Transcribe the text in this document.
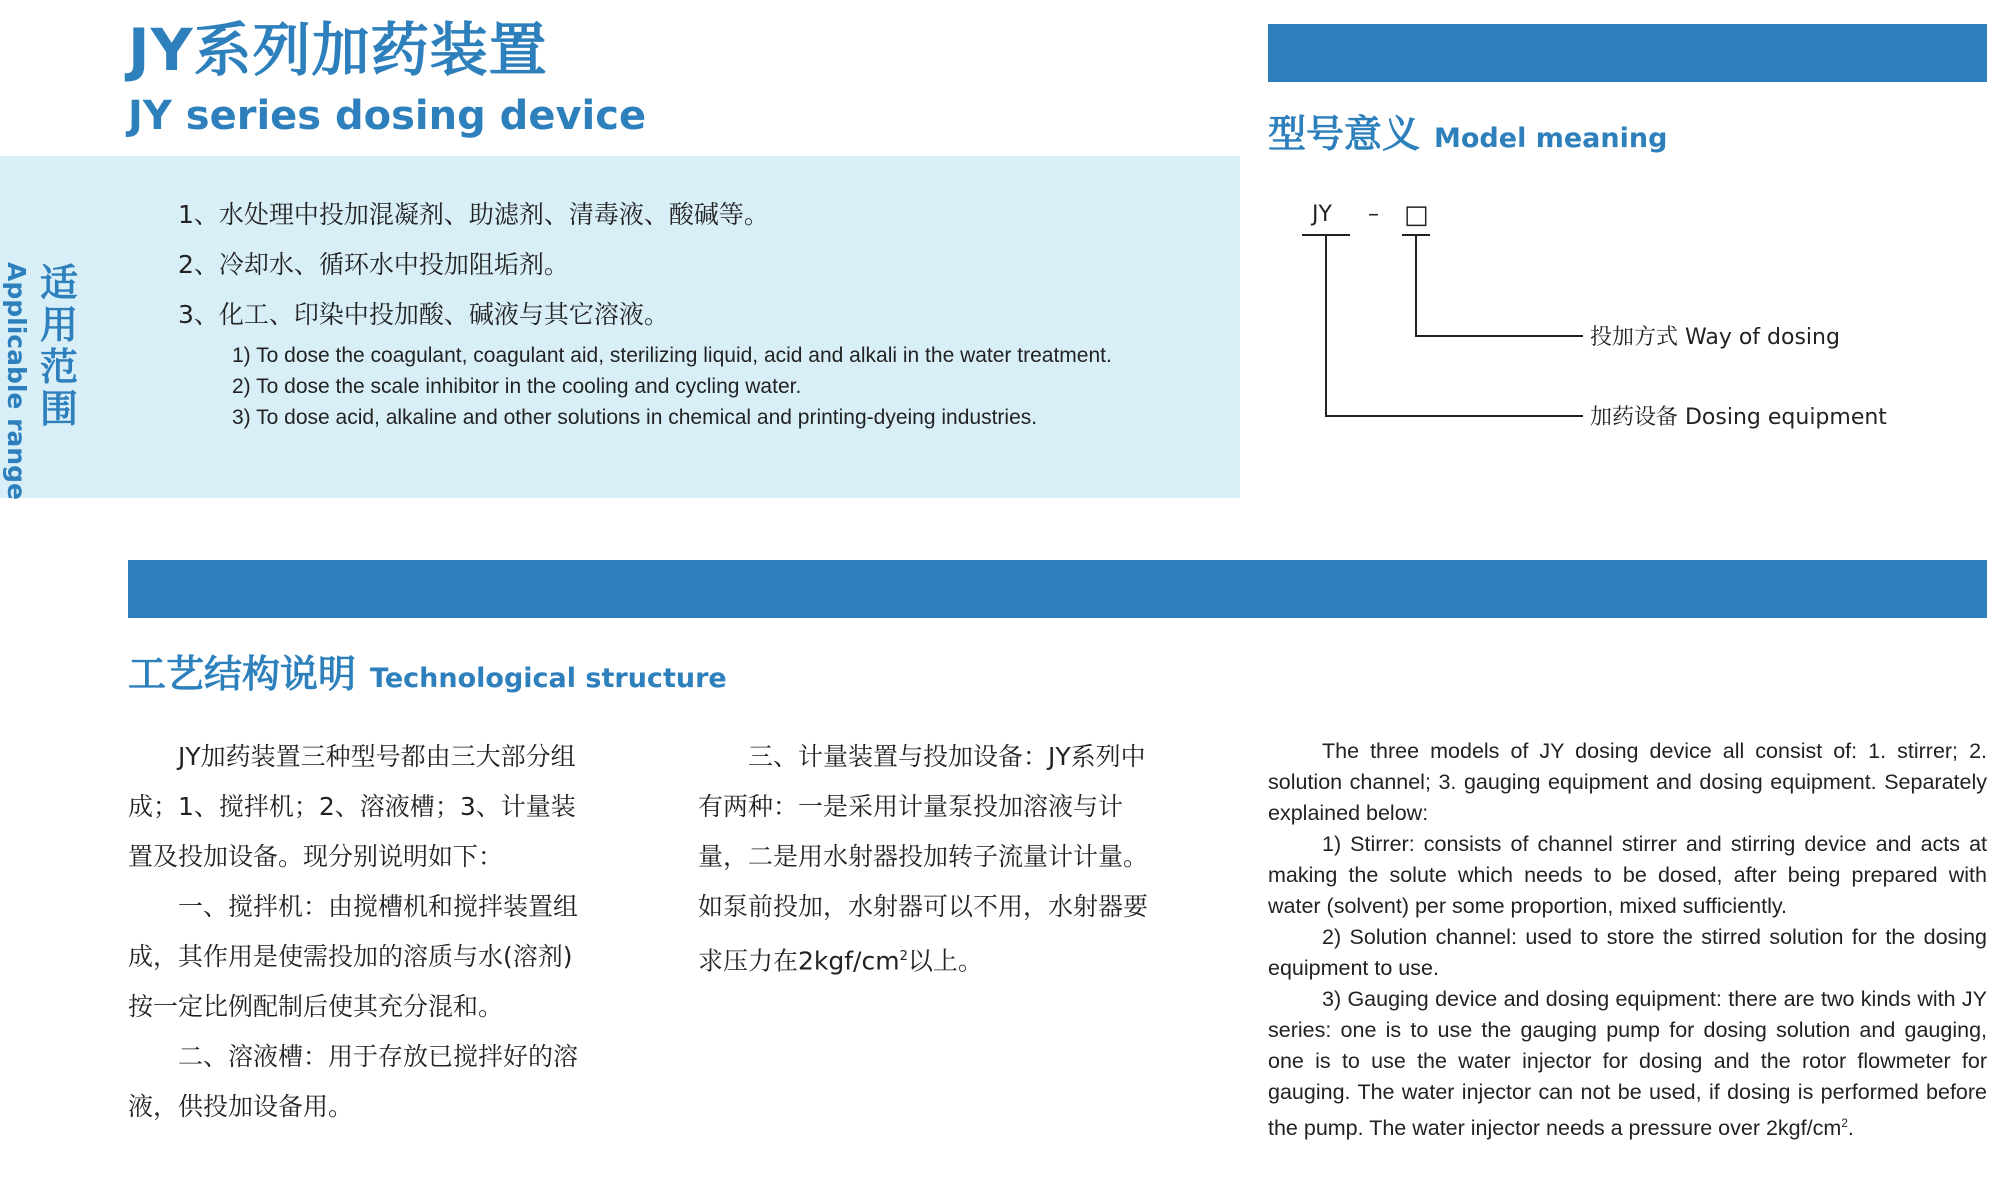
JY系列加药装置
JY series dosing device
适用范围
Applicable range
1、水处理中投加混凝剂、助滤剂、清毒液、酸碱等。
2、冷却水、循环水中投加阻垢剂。
3、化工、印染中投加酸、碱液与其它溶液。
1) To dose the coagulant, coagulant aid, sterilizing liquid, acid and alkali in the water treatment.
2) To dose the scale inhibitor in the cooling and cycling water.
3) To dose acid, alkaline and other solutions in chemical and printing-dyeing industries.
型号意义 Model meaning
JY – □
投加方式 Way of dosing
加药设备 Dosing equipment
工艺结构说明 Technological structure

JY加药装置三种型号都由三大部分组成；1、搅拌机；2、溶液槽；3、计量装置及投加设备。现分别说明如下：

一、搅拌机：由搅槽机和搅拌装置组成，其作用是使需投加的溶质与水(溶剂)按一定比例配制后使其充分混和。

二、溶液槽：用于存放已搅拌好的溶液，供投加设备用。

三、计量装置与投加设备：JY系列中有两种：一是采用计量泵投加溶液与计量，二是用水射器投加转子流量计计量。如泵前投加，水射器可以不用，水射器要求压力在$2kgf/cm^2$以上。

The three models of JY dosing device all consist of: 1. stirrer; 2. solution channel; 3. gauging equipment and dosing equipment. Separately explained below:

1) Stirrer: consists of channel stirrer and stirring device and acts at making the solute which needs to be dosed, after being prepared with water (solvent) per some proportion, mixed sufficiently.

2) Solution channel: used to store the stirred solution for the dosing equipment to use.

3) Gauging device and dosing equipment: there are two kinds with JY series: one is to use the gauging pump for dosing solution and gauging, one is to use the water injector for dosing and the rotor flowmeter for gauging. The water injector can not be used, if dosing is performed before the pump. The water injector needs a pressure over $2kgf/cm^2$.
